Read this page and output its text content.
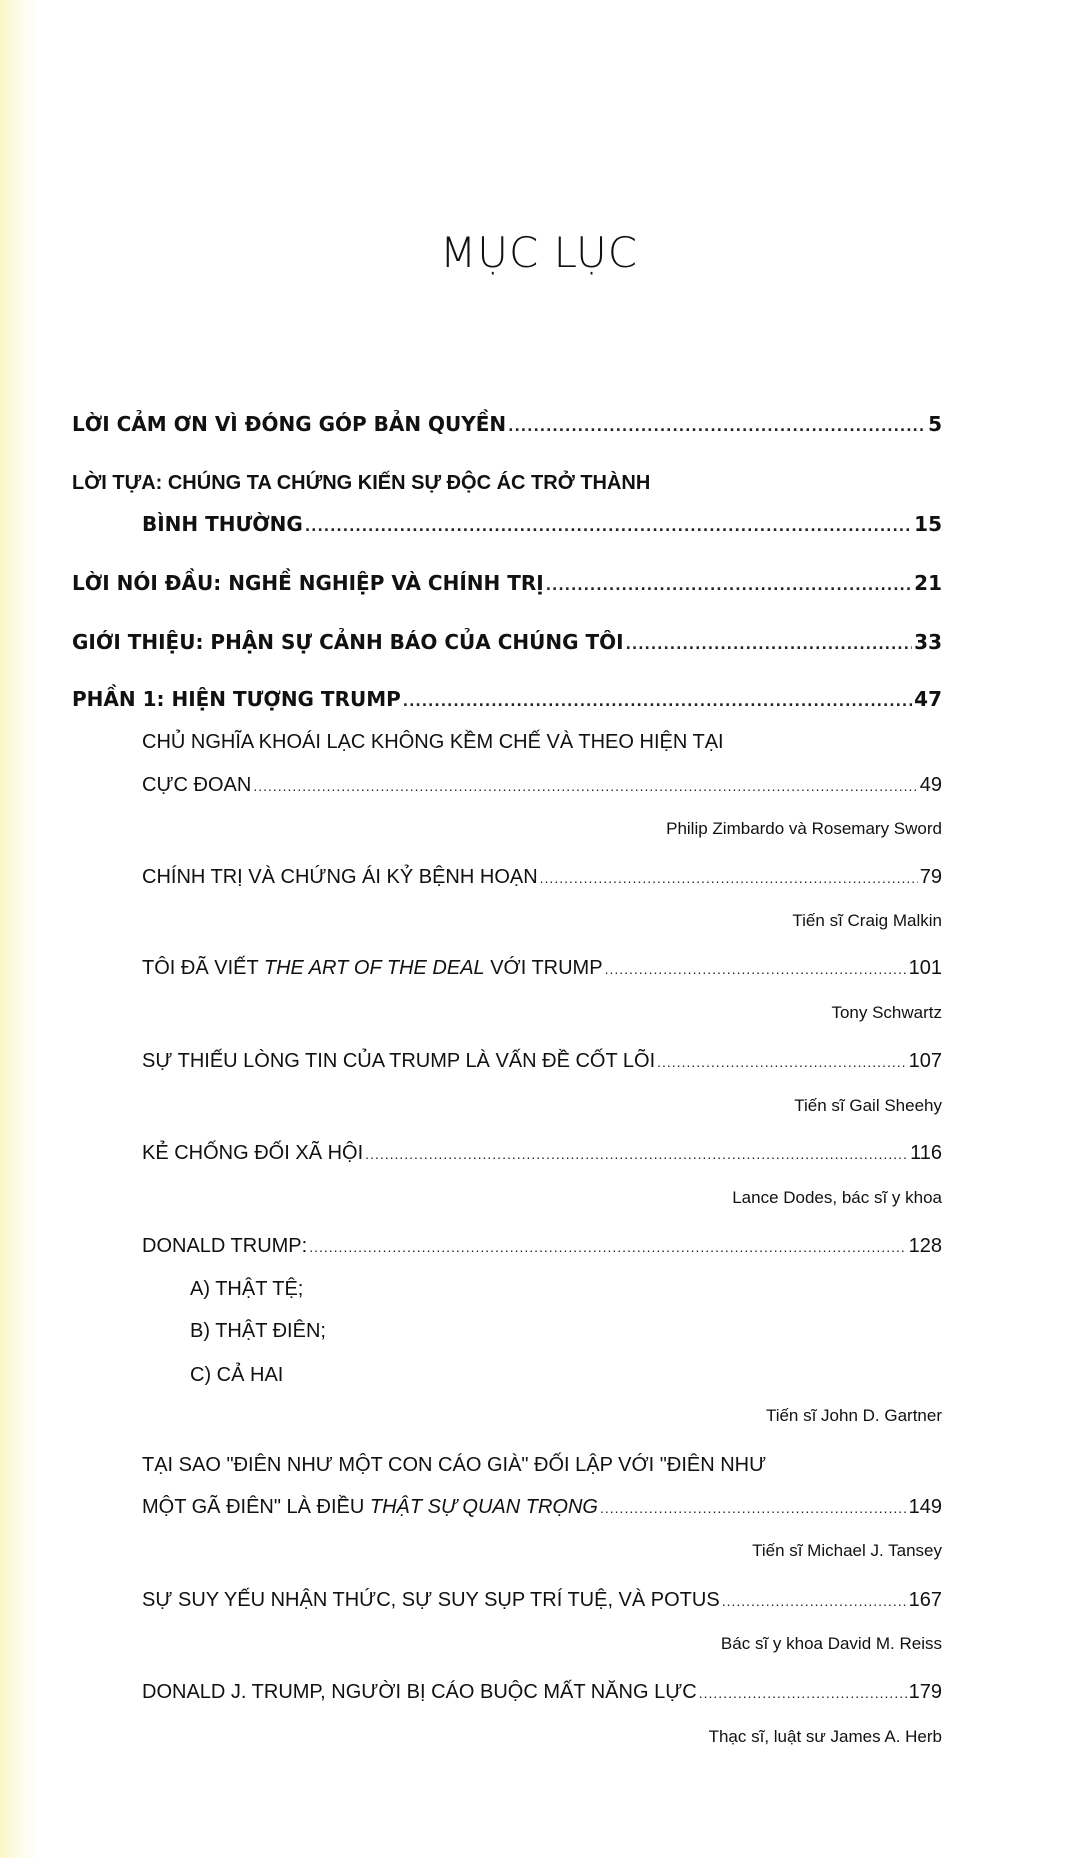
MỤC LỤC
LỜI CẢM ƠN VÌ ĐÓNG GÓP BẢN QUYỀN .....	5
LỜI TỰA: CHÚNG TA CHỨNG KIẾN SỰ ĐỘC ÁC TRỞ THÀNH
BÌNH THƯỜNG .....	15
LỜI NÓI ĐẦU: NGHỀ NGHIỆP VÀ CHÍNH TRỊ .....	21
GIỚI THIỆU: PHẬN SỰ CẢNH BÁO CỦA CHÚNG TÔI .....	33
PHẦN 1: HIỆN TƯỢNG TRUMP .....	47
CHỦ NGHĨA KHOÁI LẠC KHÔNG KỀM CHẾ VÀ THEO HIỆN TẠI
CỰC ĐOAN .....	49
Philip Zimbardo và Rosemary Sword
CHÍNH TRỊ VÀ CHỨNG ÁI KỶ BỆNH HOẠN .....	79
Tiến sĩ Craig Malkin
TÔI ĐÃ VIẾT THE ART OF THE DEAL VỚI TRUMP .....	101
Tony Schwartz
SỰ THIẾU LÒNG TIN CỦA TRUMP LÀ VẤN ĐỀ CỐT LÕI .....	107
Tiến sĩ Gail Sheehy
KẺ CHỐNG ĐỐI XÃ HỘI .....	116
Lance Dodes, bác sĩ y khoa
DONALD TRUMP: .....	128
A) THẬT TỆ;
B) THẬT ĐIÊN;
C) CẢ HAI
Tiến sĩ John D. Gartner
TẠI SAO "ĐIÊN NHƯ MỘT CON CÁO GIÀ" ĐỐI LẬP VỚI "ĐIÊN NHƯ
MỘT GÃ ĐIÊN" LÀ ĐIỀU THẬT SỰ QUAN TRỌNG .....	149
Tiến sĩ Michael J. Tansey
SỰ SUY YẾU NHẬN THỨC, SỰ SUY SỤP TRÍ TUỆ, VÀ POTUS .....	167
Bác sĩ y khoa David M. Reiss
DONALD J. TRUMP, NGƯỜI BỊ CÁO BUỘC MẤT NĂNG LỰC .....	179
Thạc sĩ, luật sư James A. Herb
